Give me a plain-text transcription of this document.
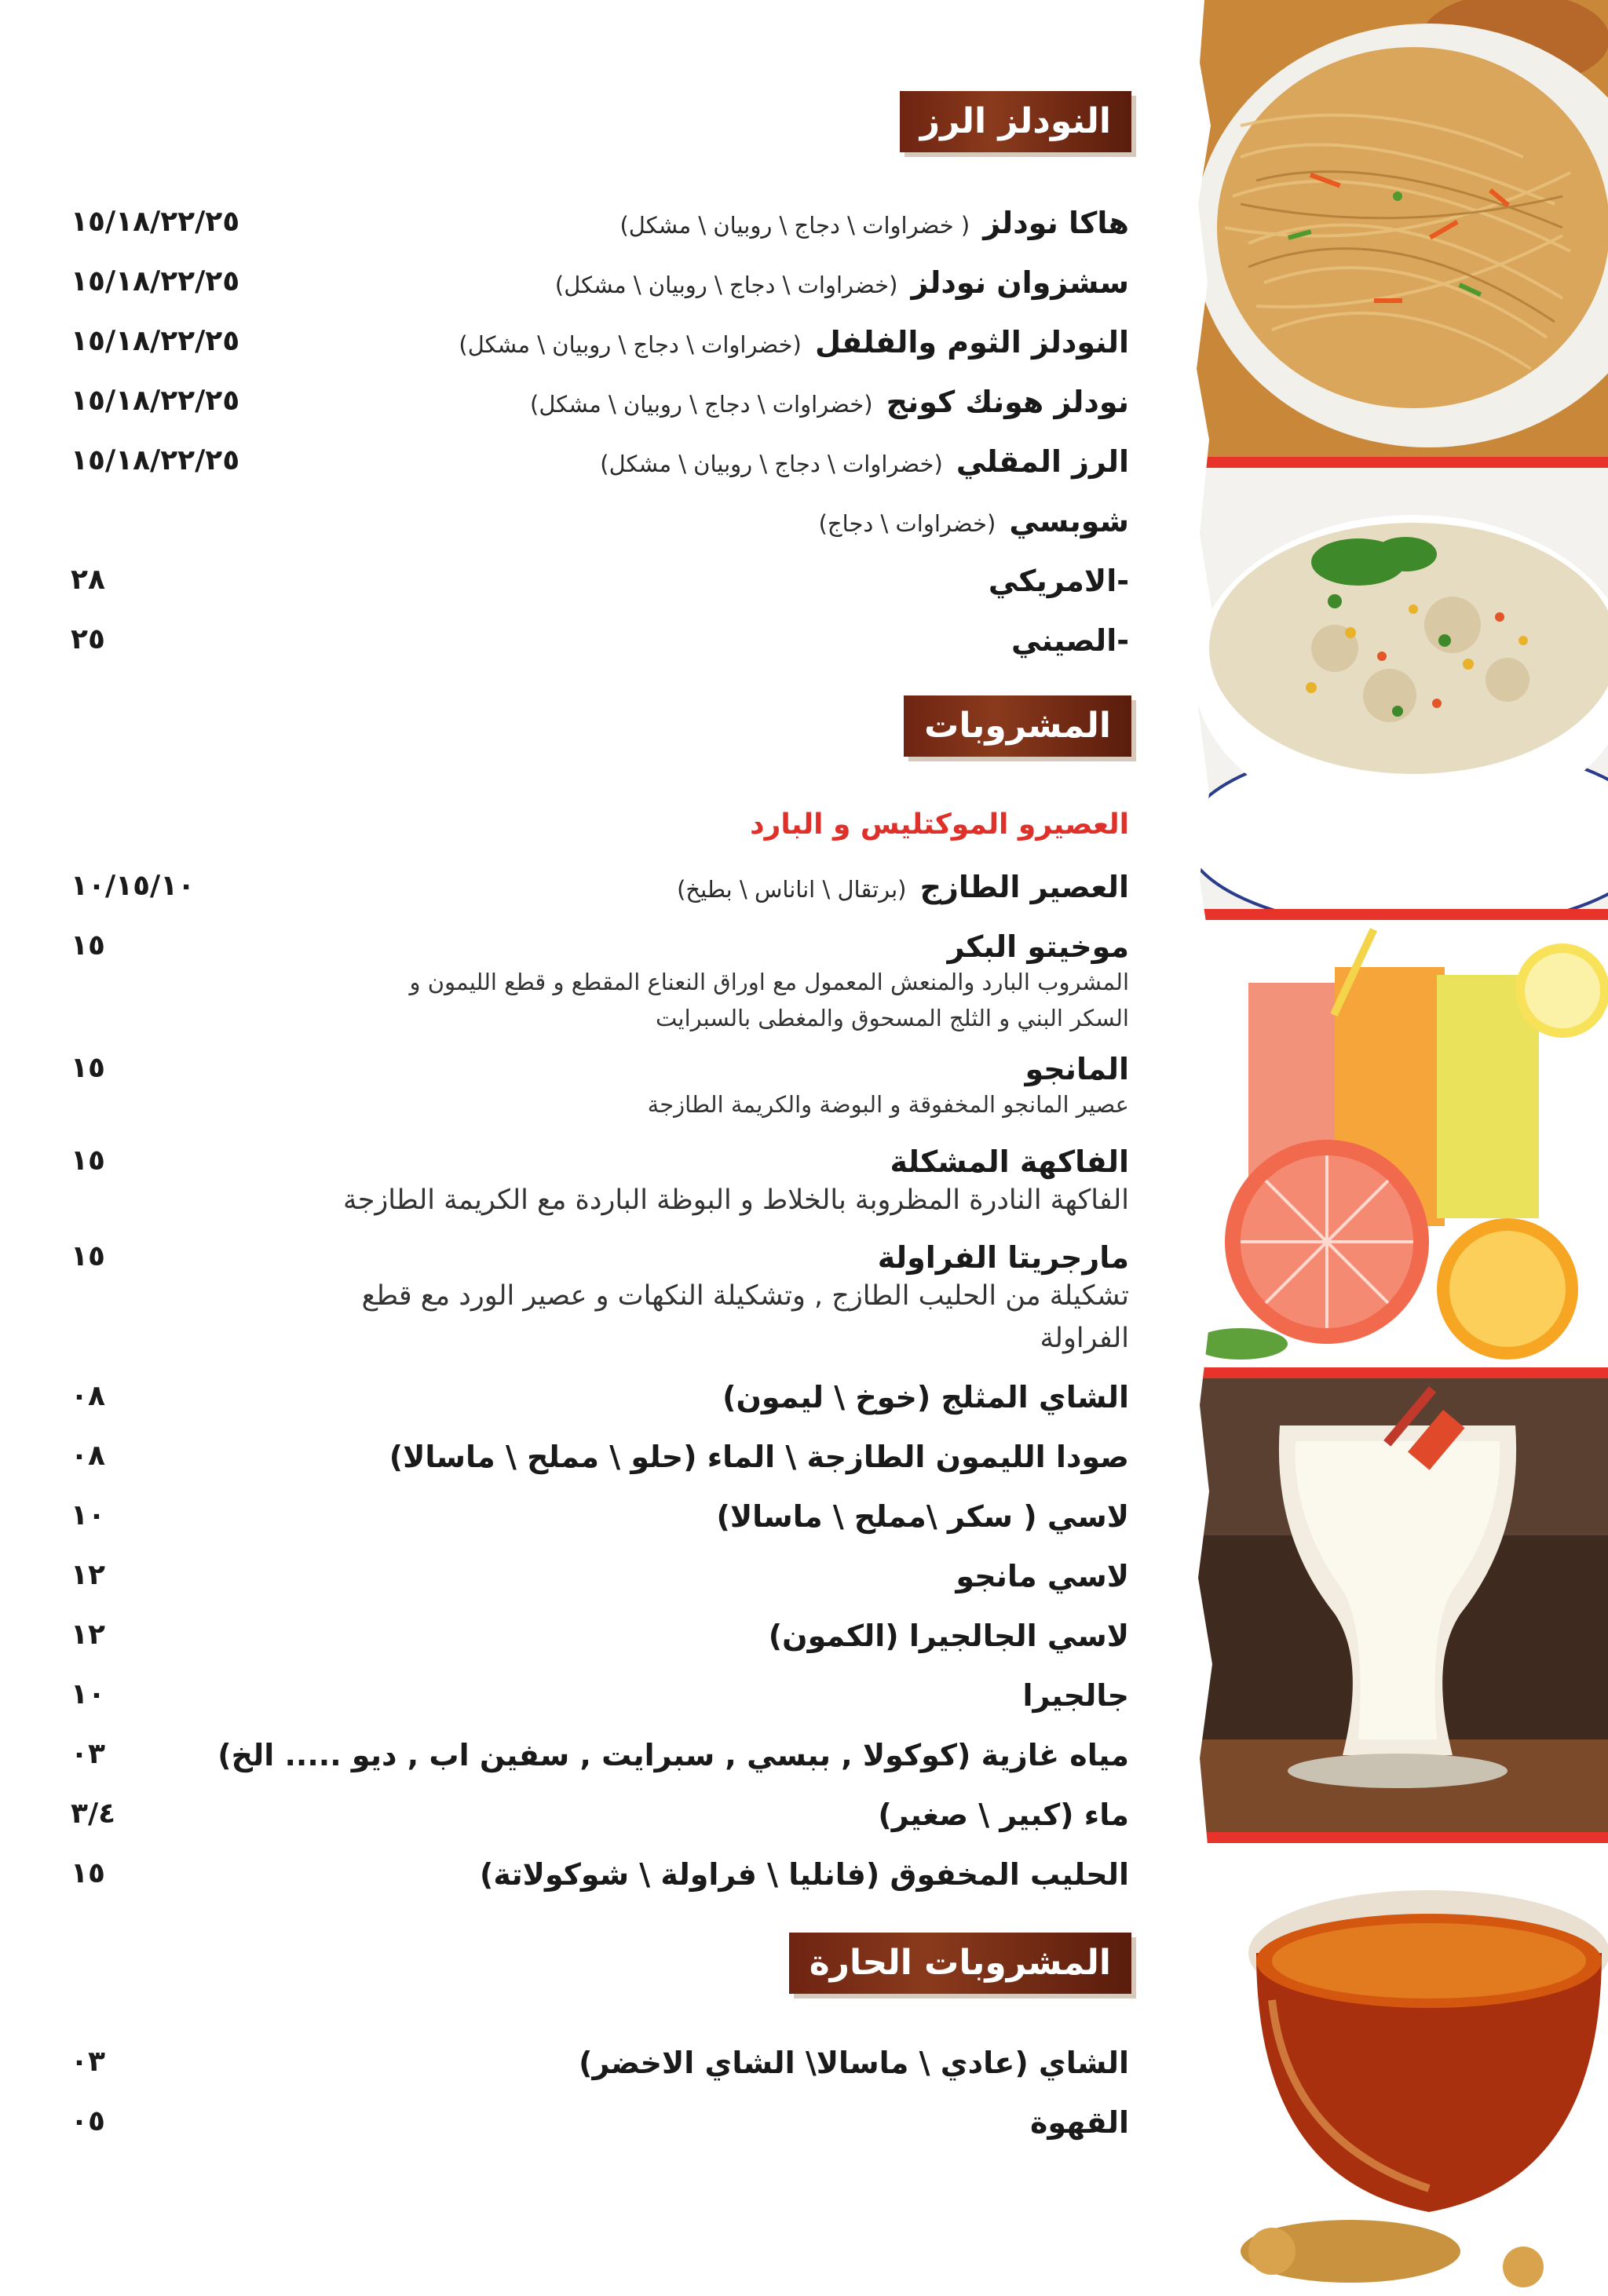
النودلز الرز
هاكا نودلز ( خضراوات \ دجاج \ روبيان \ مشكل)
١٥/١٨/٢٢/٢٥
سشزوان نودلز (خضراوات \ دجاج \ روبيان \ مشكل)
١٥/١٨/٢٢/٢٥
النودلز الثوم والفلفل (خضراوات \ دجاج \ روبيان \ مشكل)
١٥/١٨/٢٢/٢٥
نودلز هونك كونج (خضراوات \ دجاج \ روبيان \ مشكل)
١٥/١٨/٢٢/٢٥
الرز المقلي (خضراوات \ دجاج \ روبيان \ مشكل)
١٥/١٨/٢٢/٢٥
شوبسي (خضراوات \ دجاج)
-الامريكي
٢٨
-الصيني
٢٥
المشروبات
العصيرو الموكتليس و البارد
العصير الطازج (برتقال \ اناناس \ بطيخ)
١٠/١٥/١٠
موخيتو البكر
المشروب البارد والمنعش المعمول مع اوراق النعناع المقطع و قطع الليمون و
السكر البني و الثلج المسحوق والمغطى بالسبرايت
١٥
المانجو
عصير المانجو المخفوقة و البوضة والكريمة الطازجة
١٥
الفاكهة المشكلة
الفاكهة النادرة المظروبة بالخلاط و البوظة الباردة مع الكريمة الطازجة
١٥
مارجريتا الفراولة
تشكيلة من الحليب الطازج , وتشكيلة النكهات و عصير الورد مع قطع
الفراولة
١٥
الشاي المثلج (خوخ \ ليمون)
٠٨
صودا الليمون الطازجة \ الماء (حلو \ مملح \ ماسالا)
٠٨
لاسي ( سكر \مملح \ ماسالا)
١٠
لاسي مانجو
١٢
لاسي الجالجيرا (الكمون)
١٢
جالجيرا
١٠
مياه غازية (كوكولا , ببسي , سبرايت , سفين اب , ديو ..... الخ)
٠٣
ماء (كبير \ صغير)
٣/٤
الحليب المخفوق (فانليا \ فراولة \ شوكولاتة)
١٥
المشروبات الحارة
الشاي (عادي \ ماسالا\ الشاي الاخضر)
٠٣
القهوة
٠٥
